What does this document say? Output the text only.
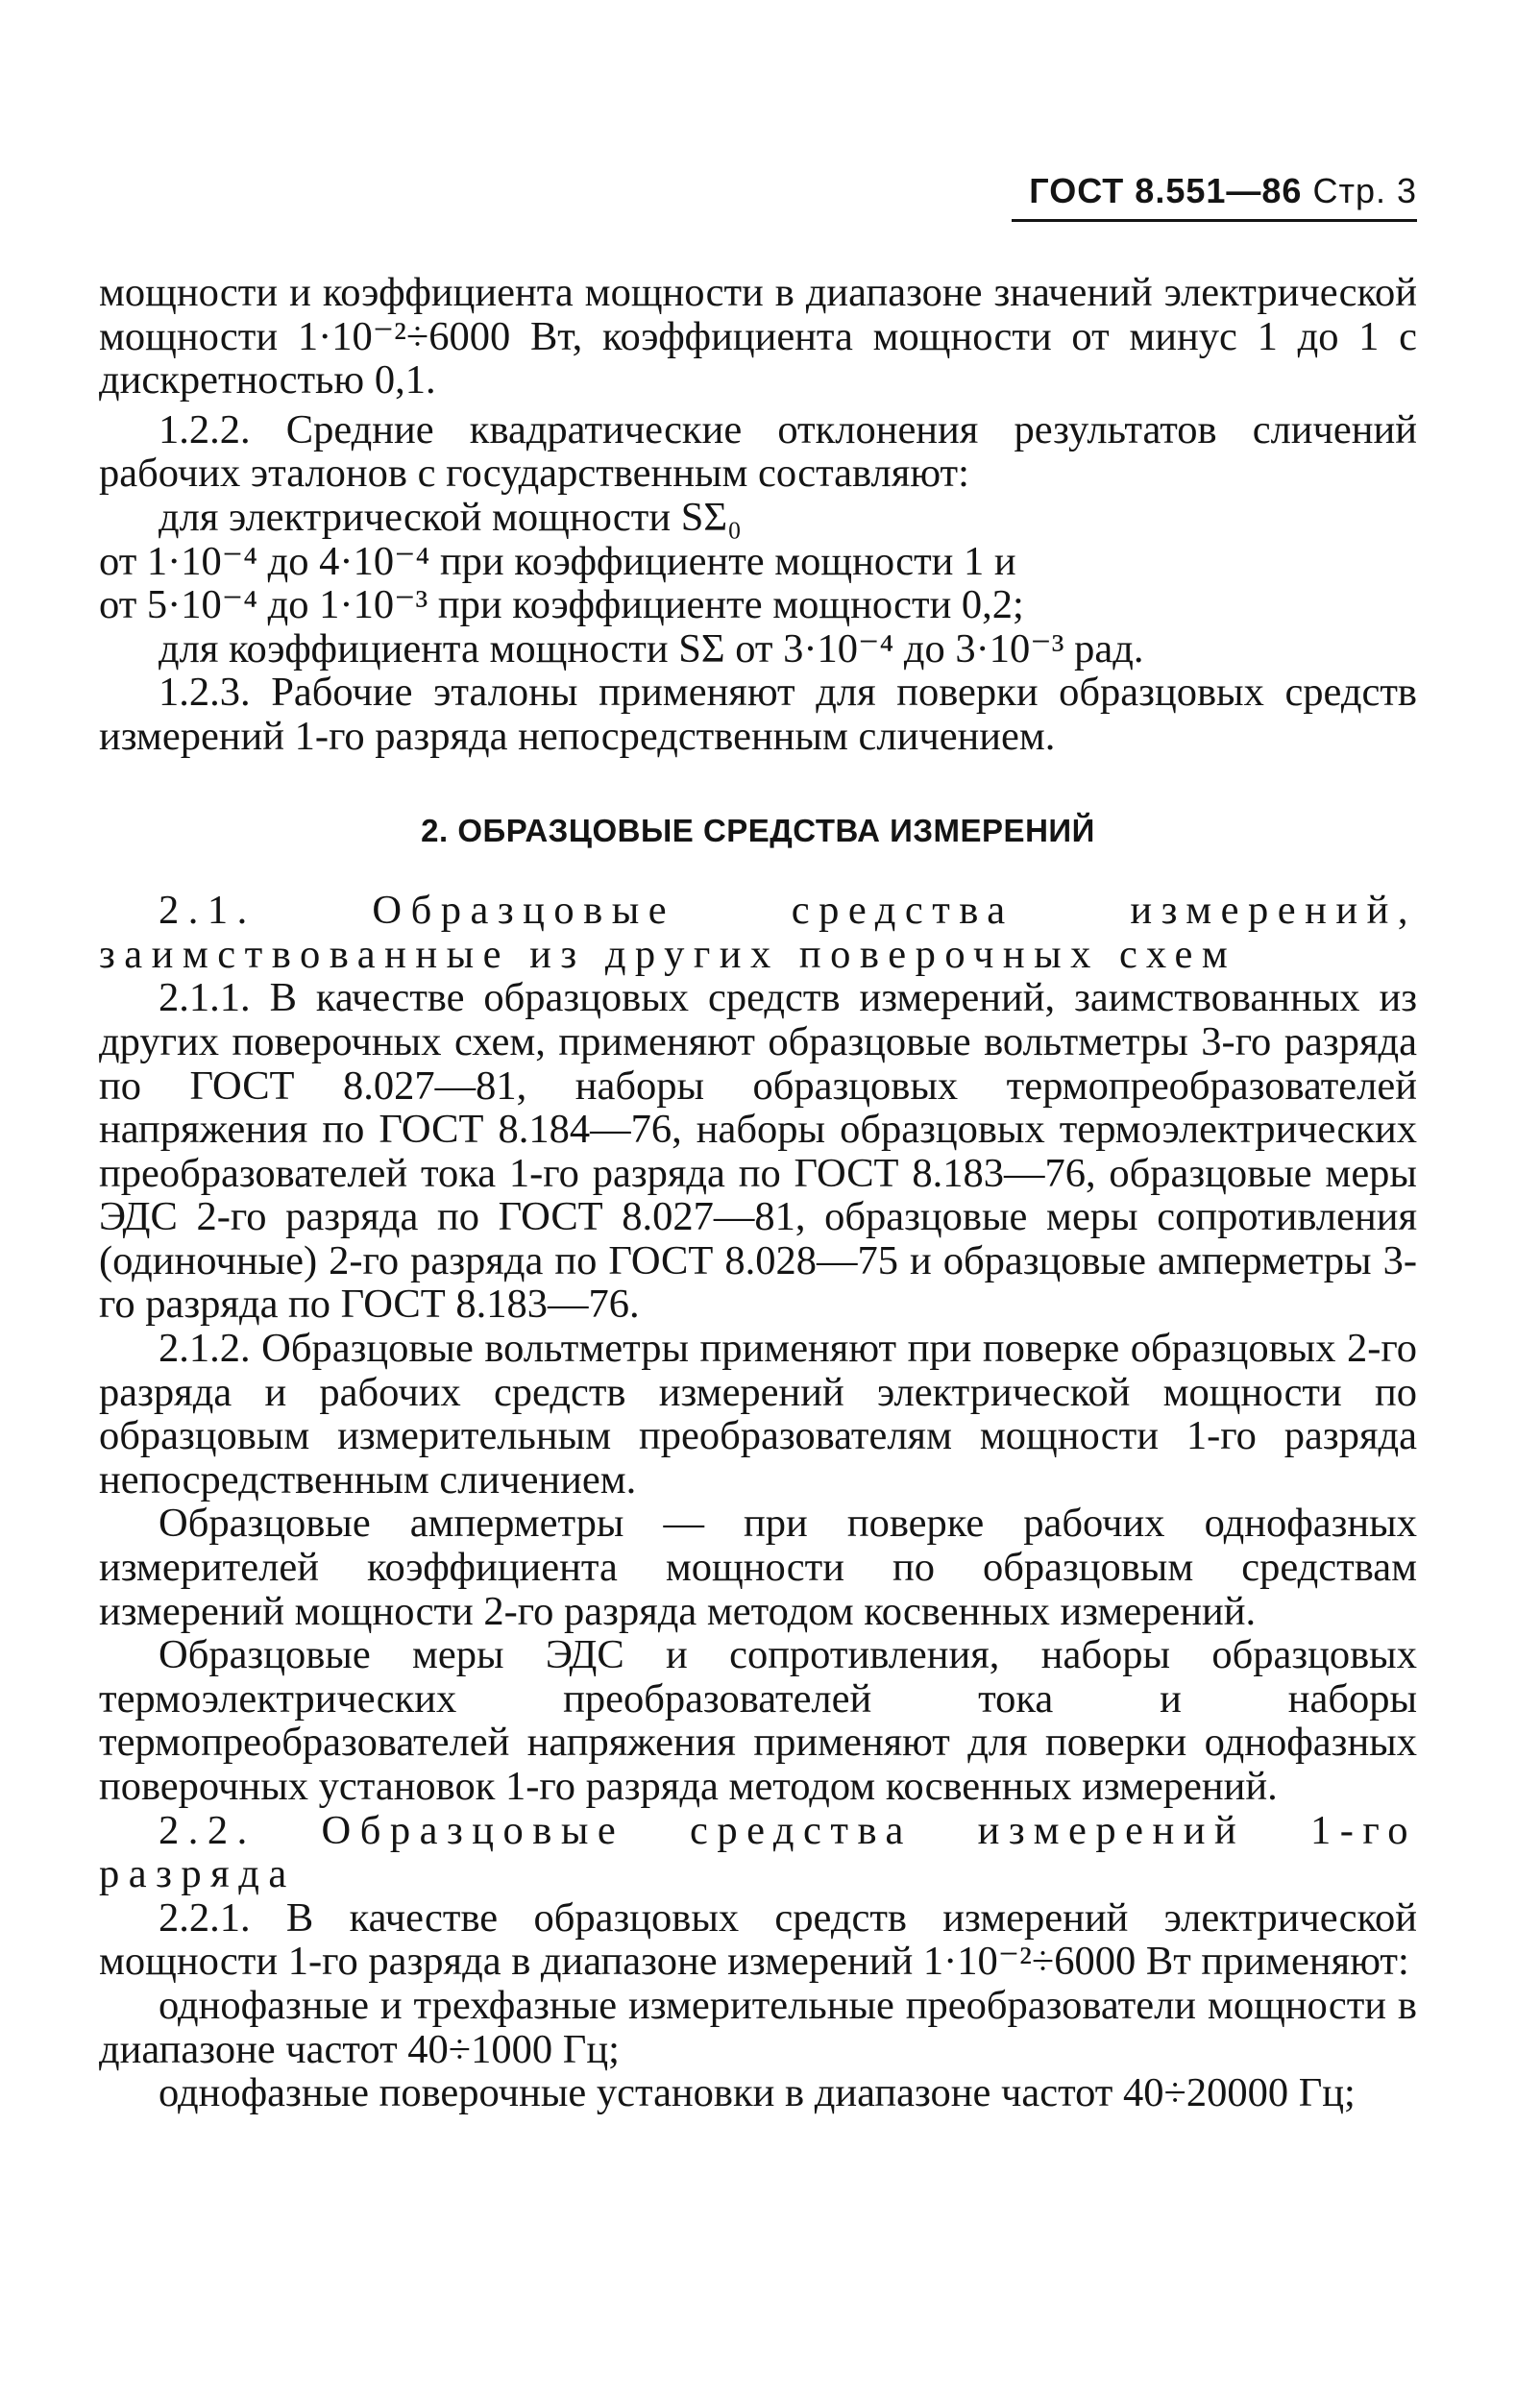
ГОСТ 8.551—86 Стр. 3

мощности и коэффициента мощности в диапазоне значений электрической мощности 1·10⁻²÷6000 Вт, коэффициента мощности от минус 1 до 1 с дискретностью 0,1.

1.2.2. Средние квадратические отклонения результатов сличений рабочих эталонов с государственным составляют:

для электрической мощности SΣ₀

от 1·10⁻⁴ до 4·10⁻⁴ при коэффициенте мощности 1 и

от 5·10⁻⁴ до 1·10⁻³ при коэффициенте мощности 0,2;

для коэффициента мощности SΣ от 3·10⁻⁴ до 3·10⁻³ рад.

1.2.3. Рабочие эталоны применяют для поверки образцовых средств измерений 1-го разряда непосредственным сличением.

2. ОБРАЗЦОВЫЕ СРЕДСТВА ИЗМЕРЕНИЙ

2.1. Образцовые средства измерений, заимствованные из других поверочных схем

2.1.1. В качестве образцовых средств измерений, заимствованных из других поверочных схем, применяют образцовые вольтметры 3-го разряда по ГОСТ 8.027—81, наборы образцовых термопреобразователей напряжения по ГОСТ 8.184—76, наборы образцовых термоэлектрических преобразователей тока 1-го разряда по ГОСТ 8.183—76, образцовые меры ЭДС 2-го разряда по ГОСТ 8.027—81, образцовые меры сопротивления (одиночные) 2-го разряда по ГОСТ 8.028—75 и образцовые амперметры 3-го разряда по ГОСТ 8.183—76.

2.1.2. Образцовые вольтметры применяют при поверке образцовых 2-го разряда и рабочих средств измерений электрической мощности по образцовым измерительным преобразователям мощности 1-го разряда непосредственным сличением.

Образцовые амперметры — при поверке рабочих однофазных измерителей коэффициента мощности по образцовым средствам измерений мощности 2-го разряда методом косвенных измерений.

Образцовые меры ЭДС и сопротивления, наборы образцовых термоэлектрических преобразователей тока и наборы термопреобразователей напряжения применяют для поверки однофазных поверочных установок 1-го разряда методом косвенных измерений.

2.2. Образцовые средства измерений 1-го разряда

2.2.1. В качестве образцовых средств измерений электрической мощности 1-го разряда в диапазоне измерений 1·10⁻²÷6000 Вт применяют:

однофазные и трехфазные измерительные преобразователи мощности в диапазоне частот 40÷1000 Гц;

однофазные поверочные установки в диапазоне частот 40÷20000 Гц;
